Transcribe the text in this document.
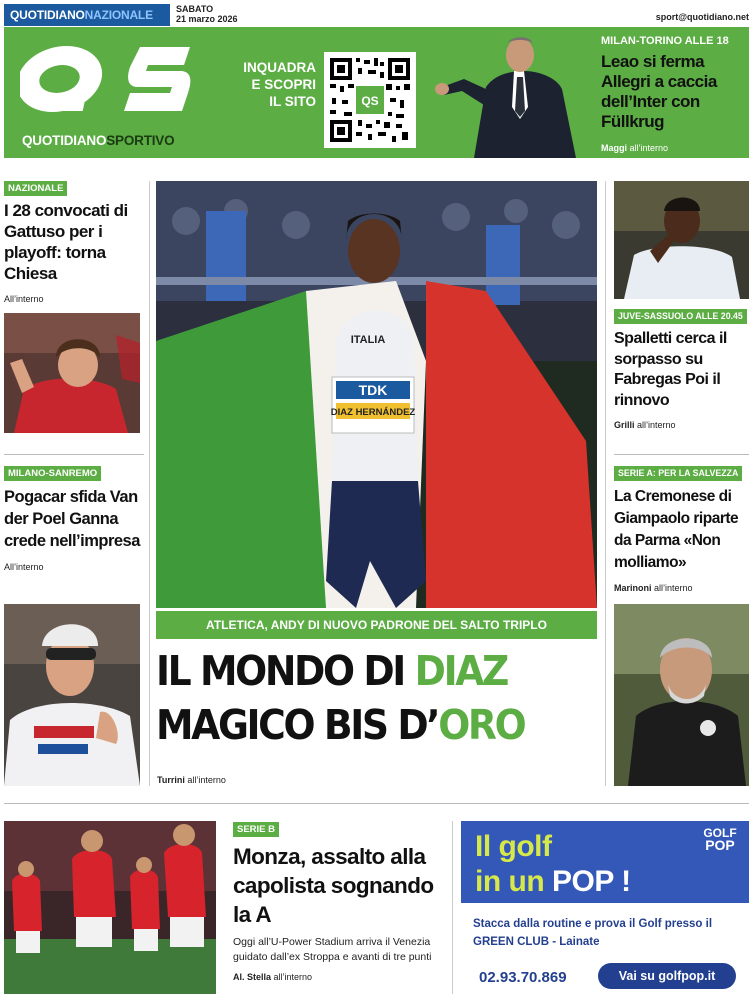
QUOTIDIANONAZIONALE	SABATO
21 marzo 2026	sport@quotidiano.net
QS
QUOTIDIANOSPORTIVO
INQUADRA
E SCOPRI
IL SITO	QS
MILAN-TORINO ALLE 18
Leao si ferma Allegri a caccia dell’Inter con Füllkrug
Maggi all’interno
NAZIONALE
I 28 convocati di Gattuso per i playoff: torna Chiesa
All’interno
MILANO-SANREMO
Pogacar sfida Van der Poel Ganna crede nell’impresa
All’interno
TDK
DIAZ HERNÁNDEZ
ITALIA
ATLETICA, ANDY DI NUOVO PADRONE DEL SALTO TRIPLO
IL MONDO DI DIAZ
MAGICO BIS D’ORO
Turrini all’interno
JUVE-SASSUOLO ALLE 20.45
Spalletti cerca il sorpasso su Fabregas Poi il rinnovo
Grilli all’interno
SERIE A: PER LA SALVEZZA
La Cremonese di Giampaolo riparte da Parma «Non molliamo»
Marinoni all’interno
SERIE B
Monza, assalto alla capolista sognando la A
Oggi all’U-Power Stadium arriva il Venezia guidato dall’ex Stroppa e avanti di tre punti
Al. Stella all’interno
Il golf
in un POP !
GOLF
POP
Stacca dalla routine e prova il Golf presso il GREEN CLUB - Lainate
02.93.70.869	Vai su golfpop.it
